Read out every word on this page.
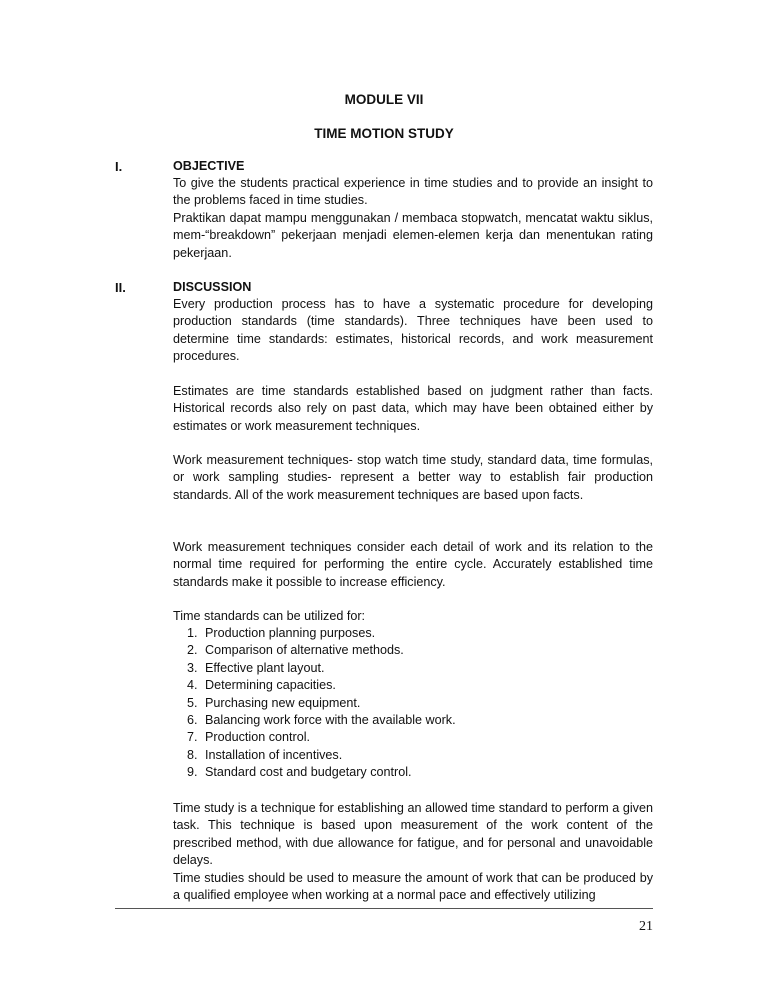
MODULE VII
TIME MOTION STUDY
I.	OBJECTIVE

To give the students practical experience in time studies and to provide an insight to the problems faced in time studies.

Praktikan dapat mampu menggunakan / membaca stopwatch, mencatat waktu siklus, mem-“breakdown” pekerjaan menjadi elemen-elemen kerja dan menentukan rating pekerjaan.

II.	DISCUSSION

Every production process has to have a systematic procedure for developing production standards (time standards). Three techniques have been used to determine time standards: estimates, historical records, and work measurement procedures.

Estimates are time standards established based on judgment rather than facts. Historical records also rely on past data, which may have been obtained either by estimates or work measurement techniques.

Work measurement techniques- stop watch time study, standard data, time formulas, or work sampling studies- represent a better way to establish fair production standards. All of the work measurement techniques are based upon facts.

Work measurement techniques consider each detail of work and its relation to the normal time required for performing the entire cycle. Accurately established time standards make it possible to increase efficiency.

Time standards can be utilized for:

1. Production planning purposes.
2. Comparison of alternative methods.
3. Effective plant layout.
4. Determining capacities.
5. Purchasing new equipment.
6. Balancing work force with the available work.
7. Production control.
8. Installation of incentives.
9. Standard cost and budgetary control.

Time study is a technique for establishing an allowed time standard to perform a given task. This technique is based upon measurement of the work content of the prescribed method, with due allowance for fatigue, and for personal and unavoidable delays.

Time studies should be used to measure the amount of work that can be produced by a qualified employee when working at a normal pace and effectively utilizing

21
